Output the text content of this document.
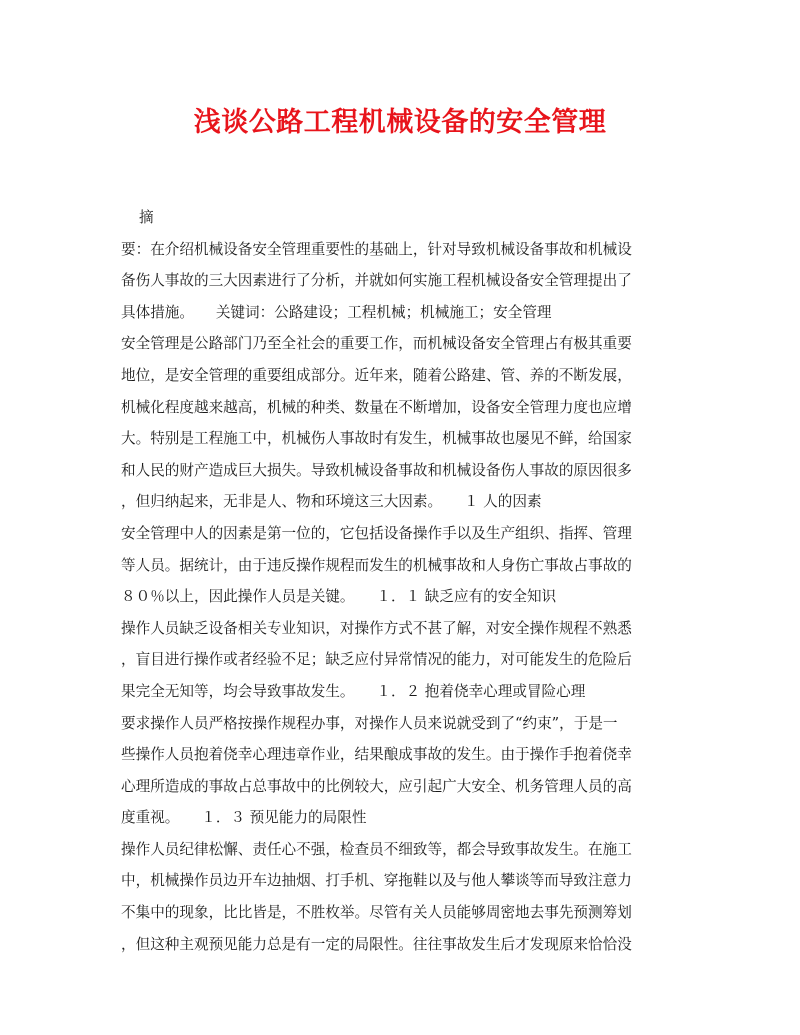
浅谈公路工程机械设备的安全管理
摘
要：在介绍机械设备安全管理重要性的基础上，针对导致机械设备事故和机械设
备伤人事故的三大因素进行了分析，并就如何实施工程机械设备安全管理提出了
具体措施。　　关键词：公路建设；工程机械；机械施工；安全管理
安全管理是公路部门乃至全社会的重要工作，而机械设备安全管理占有极其重要
地位，是安全管理的重要组成部分。近年来，随着公路建、管、养的不断发展，
机械化程度越来越高，机械的种类、数量在不断增加，设备安全管理力度也应增
大。特别是工程施工中，机械伤人事故时有发生，机械事故也屡见不鲜，给国家
和人民的财产造成巨大损失。导致机械设备事故和机械设备伤人事故的原因很多
，但归纳起来，无非是人、物和环境这三大因素。　　１ 人的因素
安全管理中人的因素是第一位的，它包括设备操作手以及生产组织、指挥、管理
等人员。据统计，由于违反操作规程而发生的机械事故和人身伤亡事故占事故的
８０％以上，因此操作人员是关键。　　１．１ 缺乏应有的安全知识
操作人员缺乏设备相关专业知识，对操作方式不甚了解，对安全操作规程不熟悉
，盲目进行操作或者经验不足；缺乏应付异常情况的能力，对可能发生的危险后
果完全无知等，均会导致事故发生。　　１．２ 抱着侥幸心理或冒险心理
要求操作人员严格按操作规程办事，对操作人员来说就受到了“约束”，于是一
些操作人员抱着侥幸心理违章作业，结果酿成事故的发生。由于操作手抱着侥幸
心理所造成的事故占总事故中的比例较大，应引起广大安全、机务管理人员的高
度重视。　　１．３ 预见能力的局限性
操作人员纪律松懈、责任心不强，检查员不细致等，都会导致事故发生。在施工
中，机械操作员边开车边抽烟、打手机、穿拖鞋以及与他人攀谈等而导致注意力
不集中的现象，比比皆是，不胜枚举。尽管有关人员能够周密地去事先预测筹划
，但这种主观预见能力总是有一定的局限性。往往事故发生后才发现原来恰恰没
